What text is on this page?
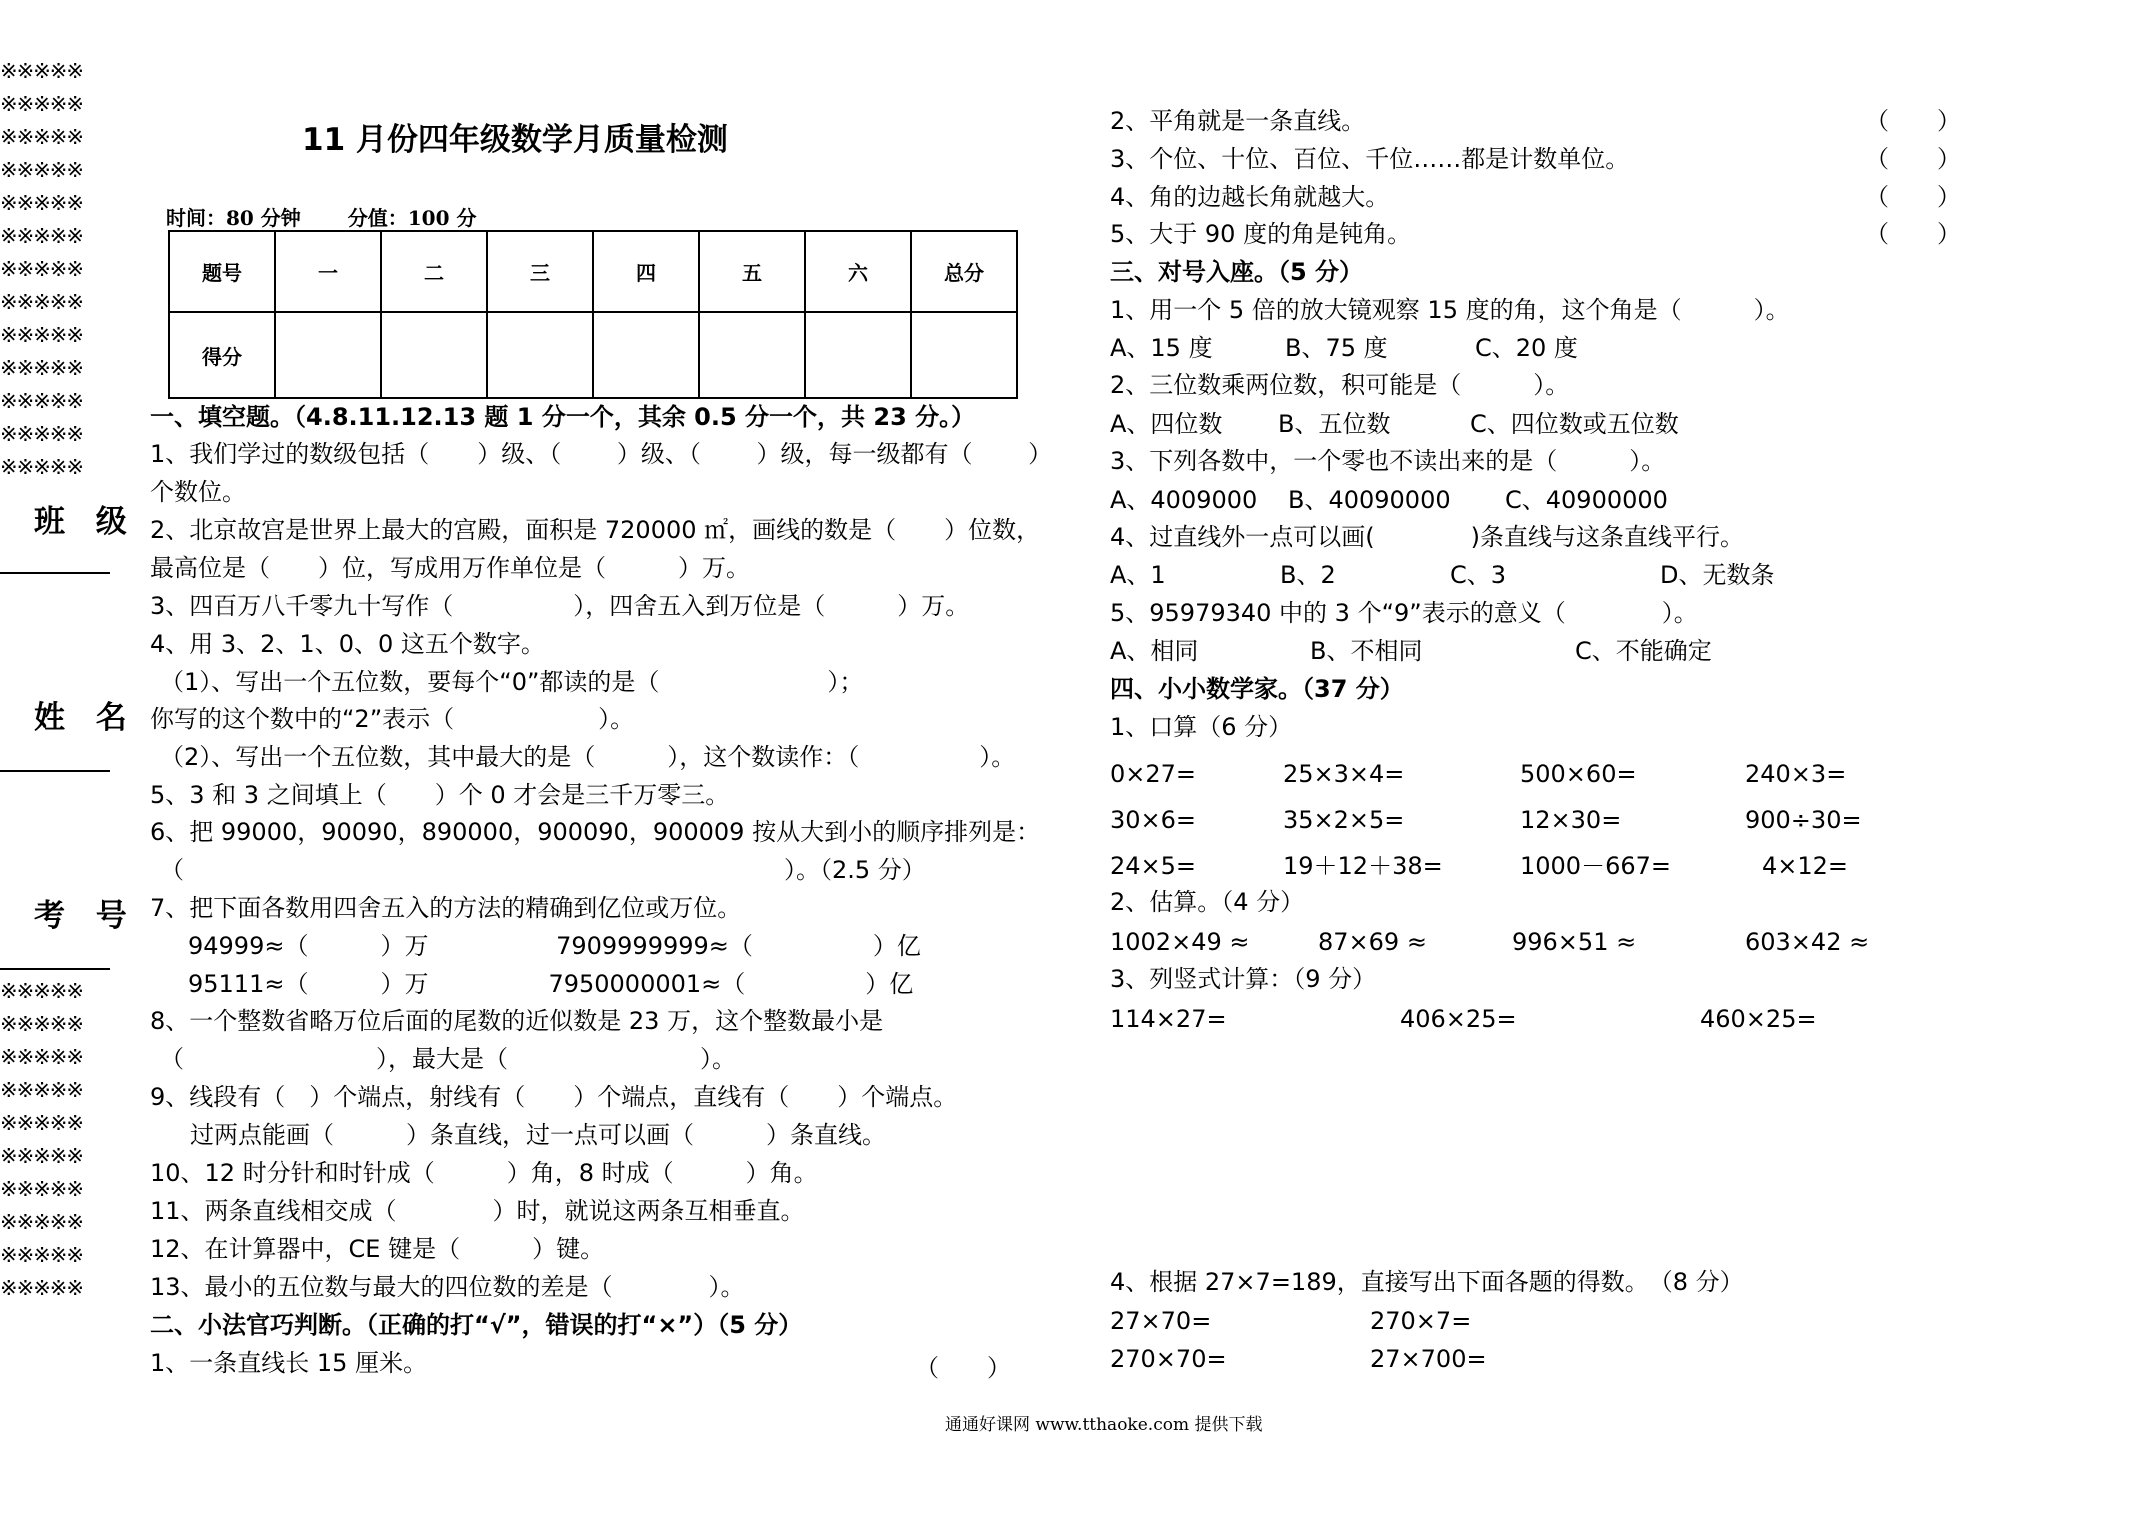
※※※※※
※※※※※
※※※※※
※※※※※
※※※※※
※※※※※
※※※※※
※※※※※
※※※※※
※※※※※
※※※※※
※※※※※
※※※※※
※※※※※
※※※※※
※※※※※
※※※※※
※※※※※
※※※※※
※※※※※
※※※※※
※※※※※
※※※※※
班 级
姓 名
考 号
11 月份四年级数学月质量检测
时间：80 分钟　　 分值：100 分
题号	一	二	三	四	五	六	总分
得分							
一、填空题。（4.8.11.12.13 题 1 分一个，其余 0.5 分一个，共 23 分。）
1、我们学过的数级包括（　　）级、（　　 ）级、（　　 ）级，每一级都有（　　 ）
个数位。
2、北京故宫是世界上最大的宫殿，面积是 720000 ㎡，画线的数是（　　）位数，
最高位是（　　）位，写成用万作单位是（　　　）万。
3、四百万八千零九十写作（　　　　　），四舍五入到万位是（　　　）万。
4、用 3、2、1、0、0 这五个数字。
（1）、写出一个五位数，要每个“0”都读的是（　　　　　　　）；
你写的这个数中的“2”表示（　　　　　　）。
（2）、写出一个五位数，其中最大的是（　　　），这个数读作：（　　　　　）。
5、3 和 3 之间填上（　　）个 0 才会是三千万零三。
6、把 99000，90090，890000，900090，900009 按从大到小的顺序排列是：
（　　　　　　　　　　　　　　　　　　　　　　　　　）。（2.5 分）
7、把下面各数用四舍五入的方法的精确到亿位或万位。
94999≈（　　　）万　　　　　 7909999999≈（　　　　　）亿
95111≈（　　　）万　　　　　7950000001≈（　　　　　）亿
8、一个整数省略万位后面的尾数的近似数是 23 万，这个整数最小是
（　　　　　　　　），最大是（　　　　　　　　）。
9、线段有（　）个端点，射线有（　　）个端点，直线有（　　）个端点。
过两点能画（　　　）条直线，过一点可以画（　　　）条直线。
10、12 时分针和时针成（　　　）角，8 时成（　　　）角。
11、两条直线相交成（　　　　）时，就说这两条互相垂直。
12、在计算器中，CE 键是（　　　）键。
13、最小的五位数与最大的四位数的差是（　　　　）。
二、小法官巧判断。（正确的打“√”，错误的打“×”）（5 分）
1、一条直线长 15 厘米。	（　　）
2、平角就是一条直线。	（　　）
3、个位、十位、百位、千位……都是计数单位。	（　　）
4、角的边越长角就越大。	（　　）
5、大于 90 度的角是钝角。	（　　）
三、对号入座。（5 分）
1、用一个 5 倍的放大镜观察 15 度的角，这个角是（　　　）。
A、15 度	B、75 度	C、20 度
2、三位数乘两位数，积可能是（　　　）。
A、四位数 B、五位数	C、四位数或五位数
3、下列各数中，一个零也不读出来的是（　　　）。
A、4009000 B、40090000 C、40900000
4、过直线外一点可以画(　　　　)条直线与这条直线平行。
A、1	B、2	C、3	D、无数条
5、95979340 中的 3 个“9”表示的意义（　　　　）。
A、相同	B、不相同	C、不能确定
四、小小数学家。（37 分）
1、口算（6 分）
0×27=	25×3×4=	500×60=	240×3=
30×6=	35×2×5=	12×30=	900÷30=
24×5=	19＋12＋38=	1000－667=	4×12=
2、估算。（4 分）
1002×49 ≈	87×69 ≈	996×51 ≈	603×42 ≈
3、列竖式计算：（9 分）
114×27=	406×25=	460×25=
4、根据 27×7=189，直接写出下面各题的得数。　（8 分）
27×70=	270×7=
270×70=	27×700=
通通好课网 www.tthaoke.com 提供下载
